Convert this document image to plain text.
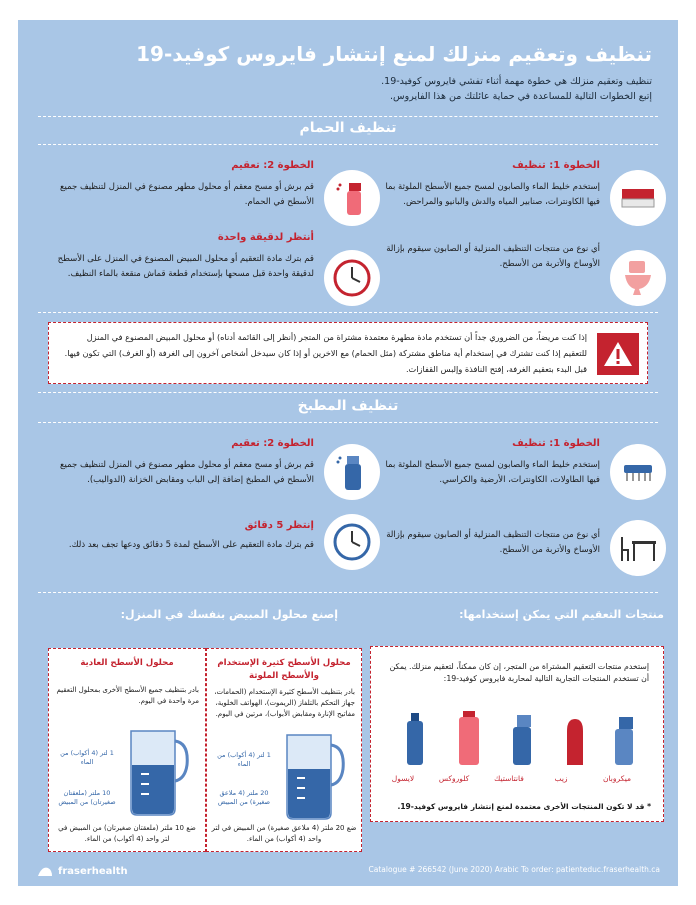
تنظيف وتعقيم منزلك لمنع إنتشار فايروس كوفيد-19
تنظيف وتعقيم منزلك هي خطوة مهمة أثناء تفشي فايروس كوفيد-19.
إتبع الخطوات التالية للمساعدة في حماية عائلتك من هذا الفايروس.
تنظيف الحمام
الخطوة 1: تنظيف
إستخدم خليط الماء والصابون لمسح جميع الأسطح الملوثة بما فيها الكاونترات، صنابير المياه والدش والبانيو والمراحض.
أي نوع من منتجات التنظيف المنزلية أو الصابون سيقوم بإزالة الأوساخ والأتربة من الأسطح.
الخطوة 2: تعقيم
قم برش أو مسح معقم أو محلول مطهر مصنوع في المنزل لتنظيف جميع الأسطح في الحمام.
أنتظر لدقيقة واحدة
قم بترك مادة التعقيم أو محلول المبيض المصنوع في المنزل على الأسطح لدقيقة واحدة قبل مسحها بإستخدام قطعة قماش منقعة بالماء النظيف.
إذا كنت مريضاً، من الضروري جداً أن تستخدم مادة مطهرة معتمدة مشتراة من المتجر (أنظر إلى القائمة أدناه) أو محلول المبيض المصنوع في المنزل للتعقيم إذا كنت تشترك في إستخدام أية مناطق مشتركة (مثل الحمام) مع الاخرين أو إذا كان سيدخل أشخاص آخرون إلى الغرفة (أو الغرف) التي تكون فيها. قبل البدء بتعقيم الغرفة، إفتح النافذة وإلبس القفازات.
تنظيف المطبخ
الخطوة 1: تنظيف
إستخدم خليط الماء والصابون لمسح جميع الأسطح الملوثة بما فيها الطاولات، الكاونترات، الأرضية والكراسي.
أي نوع من منتجات التنظيف المنزلية أو الصابون سيقوم بإزالة الأوساخ والأتربة من الأسطح.
الخطوة 2: تعقيم
قم برش أو مسح معقم أو محلول مطهر مصنوع في المنزل لتنظيف جميع الأسطح في المطبخ إضافة إلى الباب ومقابض الخزانة (الدواليب).
إنتظر 5 دقائق
قم بترك مادة التعقيم على الأسطح لمدة 5 دقائق ودعها تجف بعد ذلك.
منتجات التعقيم التي يمكن إستخدامها:
إصنع محلول المبيض بنفسك في المنزل:
إستخدم منتجات التعقيم المشتراة من المتجر، إن كان ممكناً، لتعقيم منزلك. يمكن أن تستخدم المنتجات التجارية التالية لمحاربة فايروس كوفيد-19:
* قد لا تكون المنتجات الأخرى معتمدة لمنع إنتشار فايروس كوفيد-19.
ميكروبان
زيب
فانتاستيك
كلوروكس
لايسول
محلول الأسطح العادية
بادر بتنظيف جميع الأسطح الأخرى بمحلول التعقيم مرة واحدة في اليوم.
1 لتر (4 أكواب) من الماء
10 ملتر (ملعقتان صغيرتان) من المبيض
ضع 10 ملتر (ملعقتان صغيرتان) من المبيض في لتر واحد (4 أكواب) من الماء.
محلول الأسطح كثيرة الإستخدام والأسطح الملوثة
بادر بتنظيف الأسطح كثيرة الإستخدام (الحمامات، جهاز التحكم بالتلفاز (الريموت)، الهواتف الخلوية، مفاتيح الإنارة ومقابض الأبواب)، مرتين في اليوم.
1 لتر (4 أكواب) من الماء
20 ملتر (4 ملاعق صغيرة) من المبيض
ضع 20 ملتر (4 ملاعق صغيرة) من المبيض في لتر واحد (4 أكواب) من الماء.
fraserhealth	Catalogue # 266542 (June 2020) Arabic To order: patienteduc.fraserhealth.ca
